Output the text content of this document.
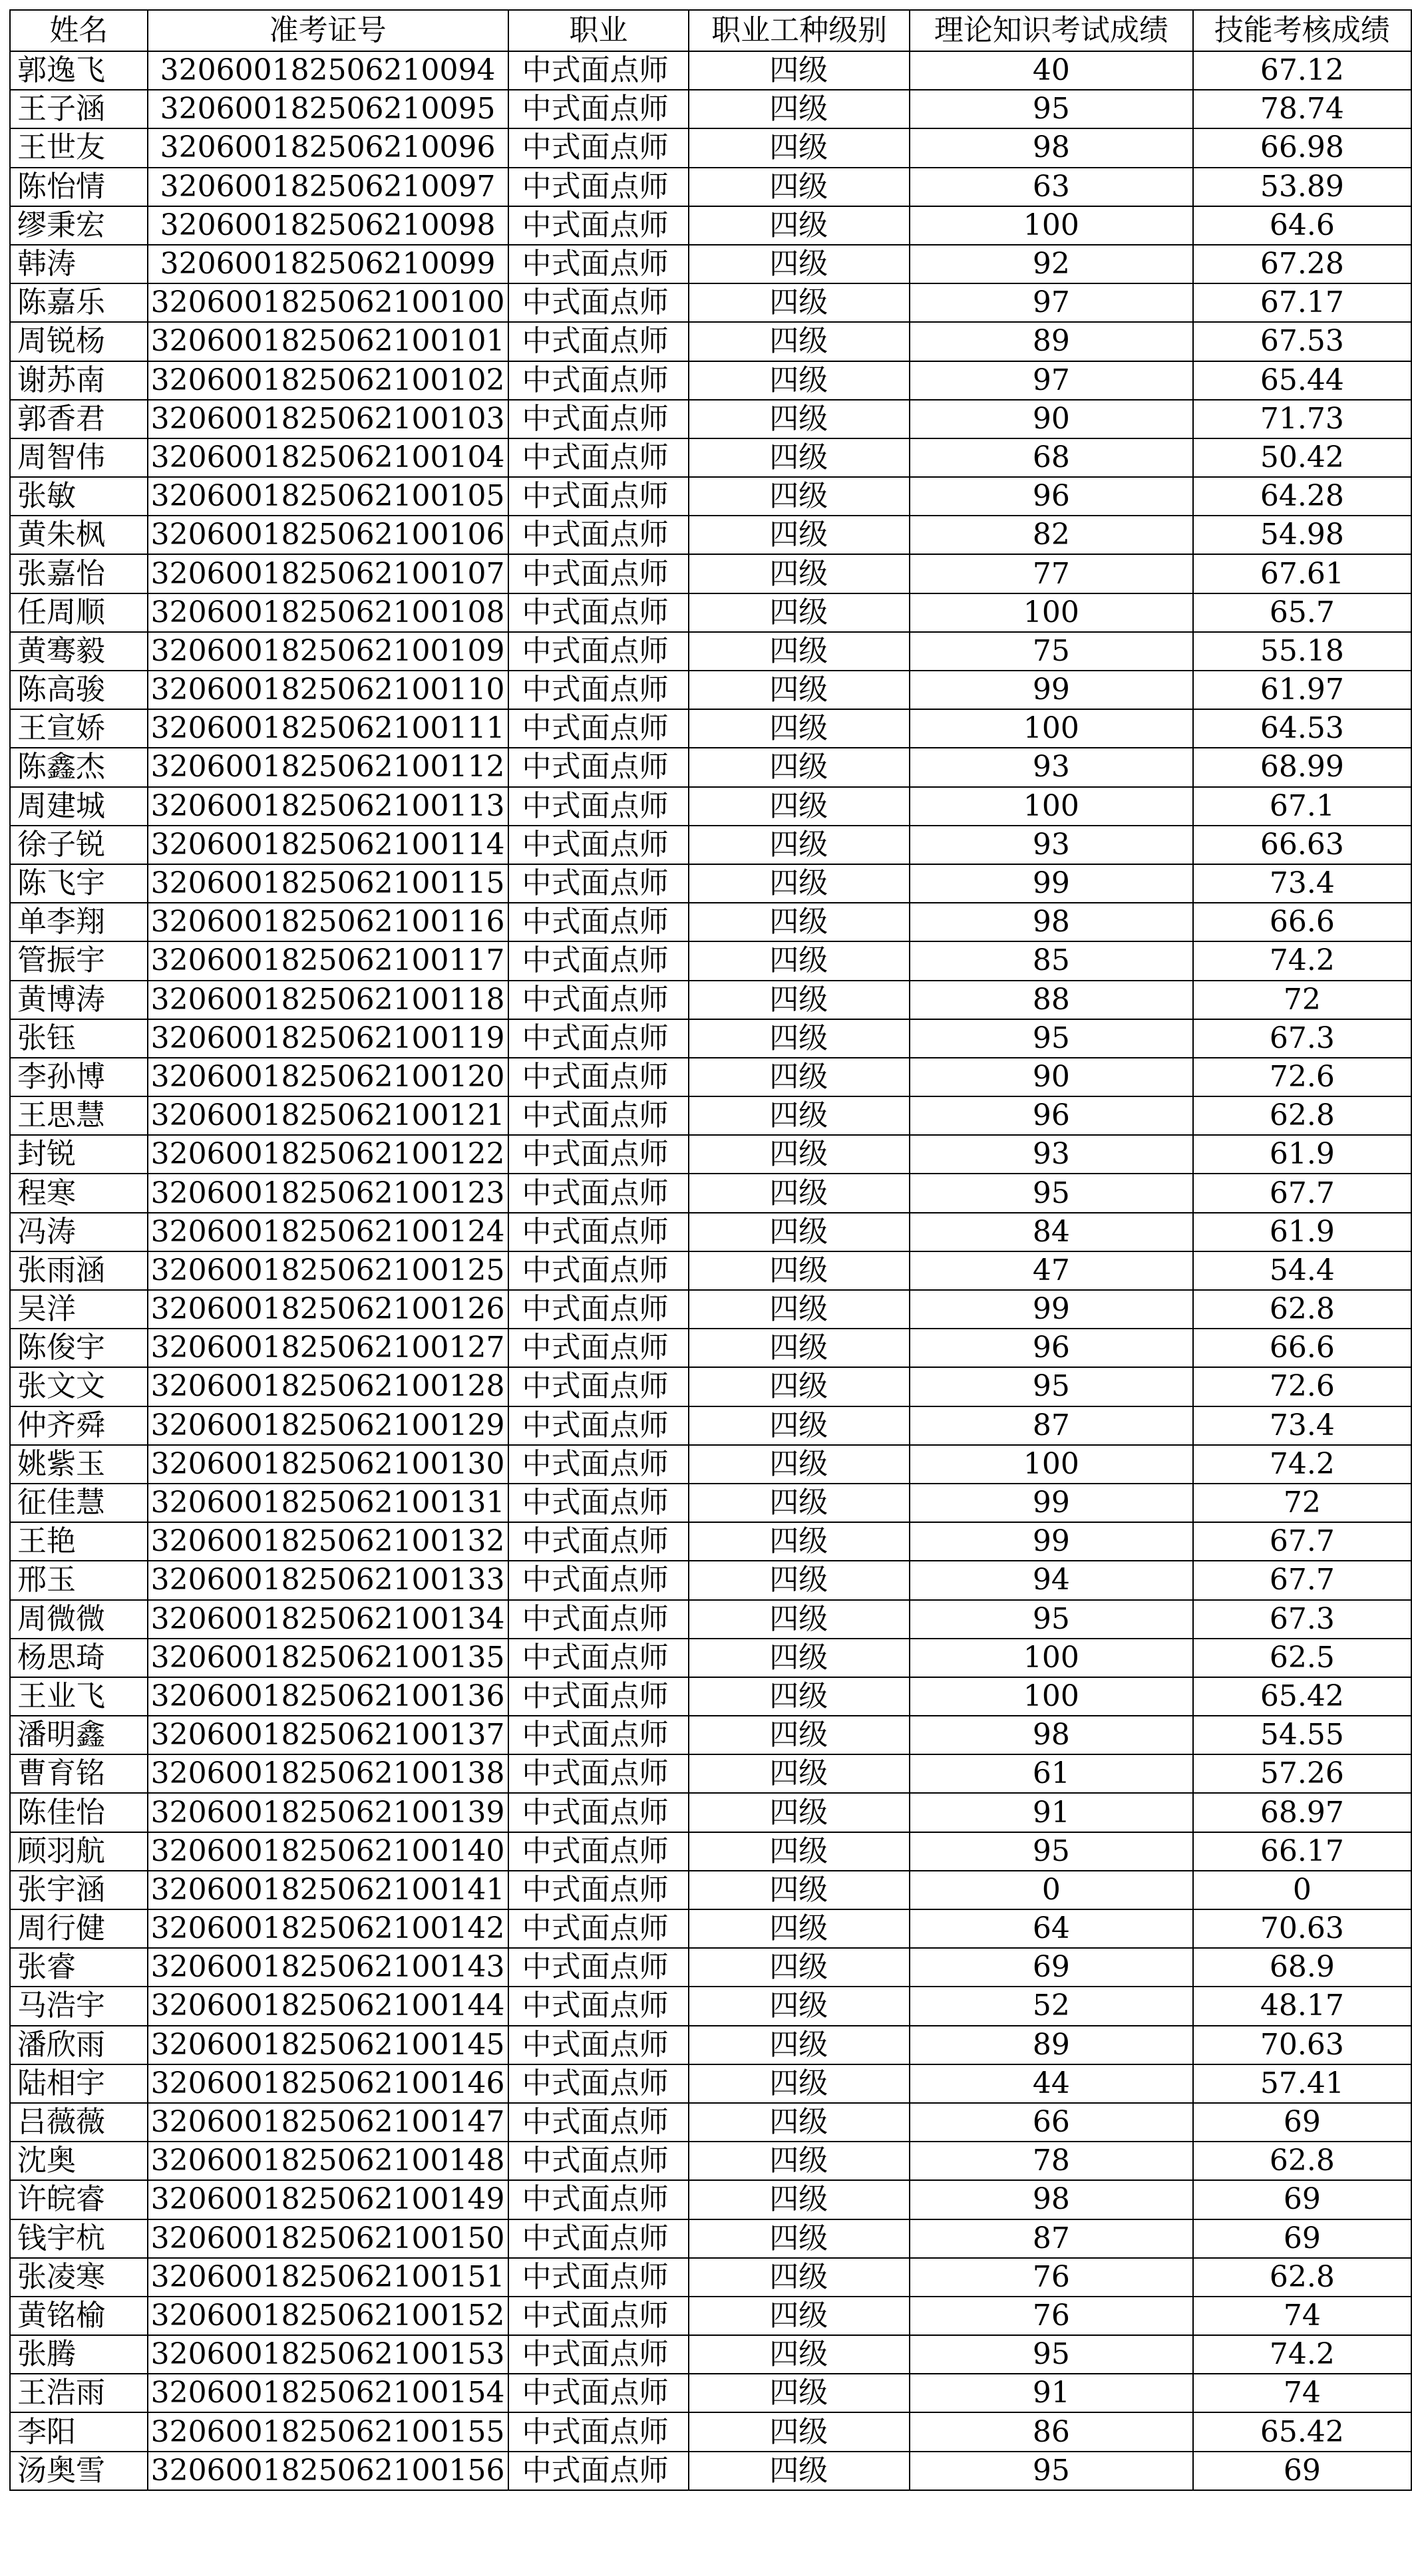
姓名	准考证号	职业	职业工种级别	理论知识考试成绩	技能考核成绩
郭逸飞	320600182506210094	中式面点师	四级	40	67.12
王子涵	320600182506210095	中式面点师	四级	95	78.74
王世友	320600182506210096	中式面点师	四级	98	66.98
陈怡情	320600182506210097	中式面点师	四级	63	53.89
缪秉宏	320600182506210098	中式面点师	四级	100	64.6
韩涛	320600182506210099	中式面点师	四级	92	67.28
陈嘉乐	3206001825062100100	中式面点师	四级	97	67.17
周锐杨	3206001825062100101	中式面点师	四级	89	67.53
谢苏南	3206001825062100102	中式面点师	四级	97	65.44
郭香君	3206001825062100103	中式面点师	四级	90	71.73
周智伟	3206001825062100104	中式面点师	四级	68	50.42
张敏	3206001825062100105	中式面点师	四级	96	64.28
黄朱枫	3206001825062100106	中式面点师	四级	82	54.98
张嘉怡	3206001825062100107	中式面点师	四级	77	67.61
任周顺	3206001825062100108	中式面点师	四级	100	65.7
黄骞毅	3206001825062100109	中式面点师	四级	75	55.18
陈高骏	3206001825062100110	中式面点师	四级	99	61.97
王宣娇	3206001825062100111	中式面点师	四级	100	64.53
陈鑫杰	3206001825062100112	中式面点师	四级	93	68.99
周建城	3206001825062100113	中式面点师	四级	100	67.1
徐子锐	3206001825062100114	中式面点师	四级	93	66.63
陈飞宇	3206001825062100115	中式面点师	四级	99	73.4
单李翔	3206001825062100116	中式面点师	四级	98	66.6
管振宇	3206001825062100117	中式面点师	四级	85	74.2
黄博涛	3206001825062100118	中式面点师	四级	88	72
张钰	3206001825062100119	中式面点师	四级	95	67.3
李孙博	3206001825062100120	中式面点师	四级	90	72.6
王思慧	3206001825062100121	中式面点师	四级	96	62.8
封锐	3206001825062100122	中式面点师	四级	93	61.9
程寒	3206001825062100123	中式面点师	四级	95	67.7
冯涛	3206001825062100124	中式面点师	四级	84	61.9
张雨涵	3206001825062100125	中式面点师	四级	47	54.4
吴洋	3206001825062100126	中式面点师	四级	99	62.8
陈俊宇	3206001825062100127	中式面点师	四级	96	66.6
张文文	3206001825062100128	中式面点师	四级	95	72.6
仲齐舜	3206001825062100129	中式面点师	四级	87	73.4
姚紫玉	3206001825062100130	中式面点师	四级	100	74.2
征佳慧	3206001825062100131	中式面点师	四级	99	72
王艳	3206001825062100132	中式面点师	四级	99	67.7
邢玉	3206001825062100133	中式面点师	四级	94	67.7
周微微	3206001825062100134	中式面点师	四级	95	67.3
杨思琦	3206001825062100135	中式面点师	四级	100	62.5
王业飞	3206001825062100136	中式面点师	四级	100	65.42
潘明鑫	3206001825062100137	中式面点师	四级	98	54.55
曹育铭	3206001825062100138	中式面点师	四级	61	57.26
陈佳怡	3206001825062100139	中式面点师	四级	91	68.97
顾羽航	3206001825062100140	中式面点师	四级	95	66.17
张宇涵	3206001825062100141	中式面点师	四级	0	0
周行健	3206001825062100142	中式面点师	四级	64	70.63
张睿	3206001825062100143	中式面点师	四级	69	68.9
马浩宇	3206001825062100144	中式面点师	四级	52	48.17
潘欣雨	3206001825062100145	中式面点师	四级	89	70.63
陆相宇	3206001825062100146	中式面点师	四级	44	57.41
吕薇薇	3206001825062100147	中式面点师	四级	66	69
沈奥	3206001825062100148	中式面点师	四级	78	62.8
许皖睿	3206001825062100149	中式面点师	四级	98	69
钱宇杭	3206001825062100150	中式面点师	四级	87	69
张凌寒	3206001825062100151	中式面点师	四级	76	62.8
黄铭榆	3206001825062100152	中式面点师	四级	76	74
张腾	3206001825062100153	中式面点师	四级	95	74.2
王浩雨	3206001825062100154	中式面点师	四级	91	74
李阳	3206001825062100155	中式面点师	四级	86	65.42
汤奥雪	3206001825062100156	中式面点师	四级	95	69
